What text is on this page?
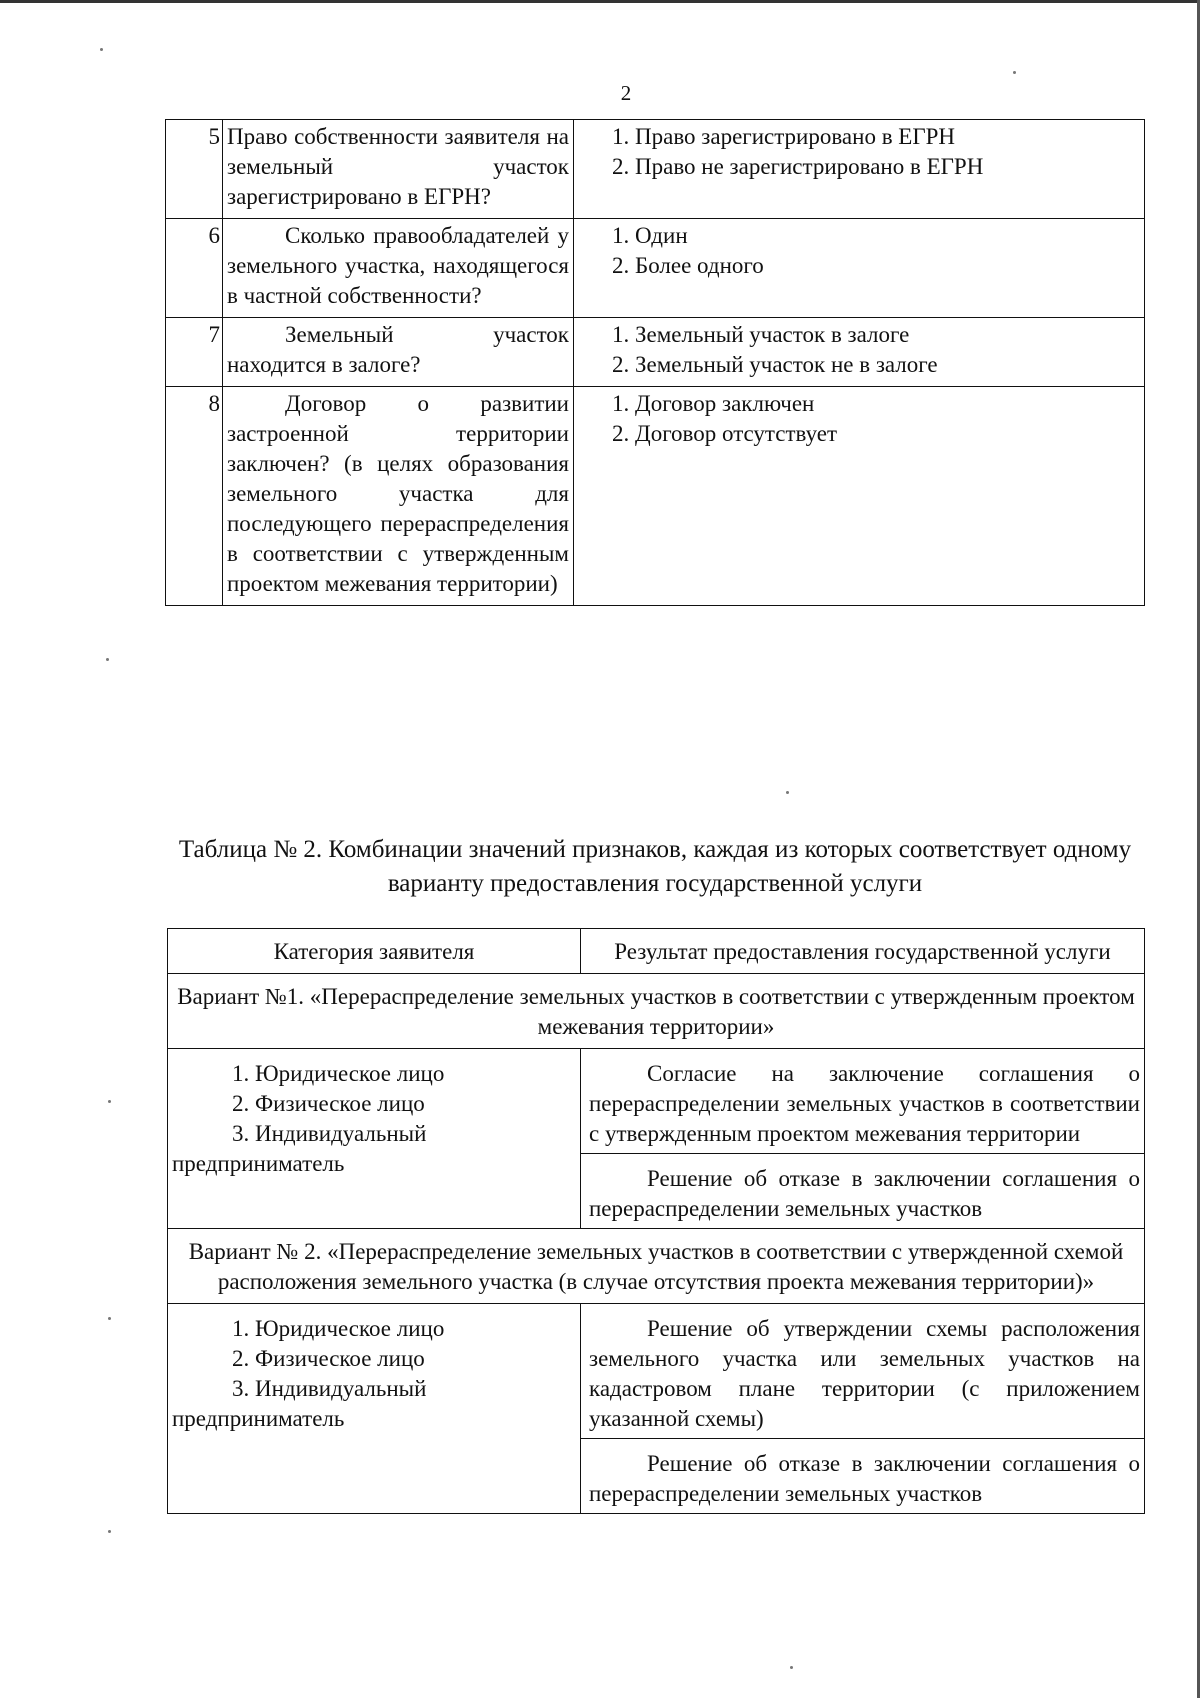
2
5	Право собственности заявителя на земельный участок зарегистрировано в ЕГРН?	1. Право зарегистрировано в ЕГРН
2. Право не зарегистрировано в ЕГРН

6	Сколько правообладателей у земельного участка, находящегося в частной собственности?	1. Один
2. Более одного

7	Земельный участок находится в залоге?	1. Земельный участок в залоге
2. Земельный участок не в залоге

8	Договор о развитии застроенной территории заключен? (в целях образования земельного участка для последующего перераспределения в соответствии с утвержденным проектом межевания территории)	1. Договор заключен
2. Договор отсутствует
Таблица № 2. Комбинации значений признаков, каждая из которых соответствует одному варианту предоставления государственной услуги
Категория заявителя	Результат предоставления государственной услуги
Вариант №1. «Перераспределение земельных участков в соответствии с утвержденным проектом межевания территории»	

1. Юридическое лицо
2. Физическое лицо
3. Индивидуальный
предприниматель	Согласие на заключение соглашения о перераспределении земельных участков в соответствии с утвержденным проектом межевания территории
	Решение об отказе в заключении соглашения о перераспределении земельных участков
Вариант № 2. «Перераспределение земельных участков в соответствии с утвержденной схемой расположения земельного участка (в случае отсутствия проекта межевания территории)»	

1. Юридическое лицо
2. Физическое лицо
3. Индивидуальный
предприниматель	Решение об утверждении схемы расположения земельного участка или земельных участков на кадастровом плане территории (с приложением указанной схемы)
	Решение об отказе в заключении соглашения о перераспределении земельных участков
